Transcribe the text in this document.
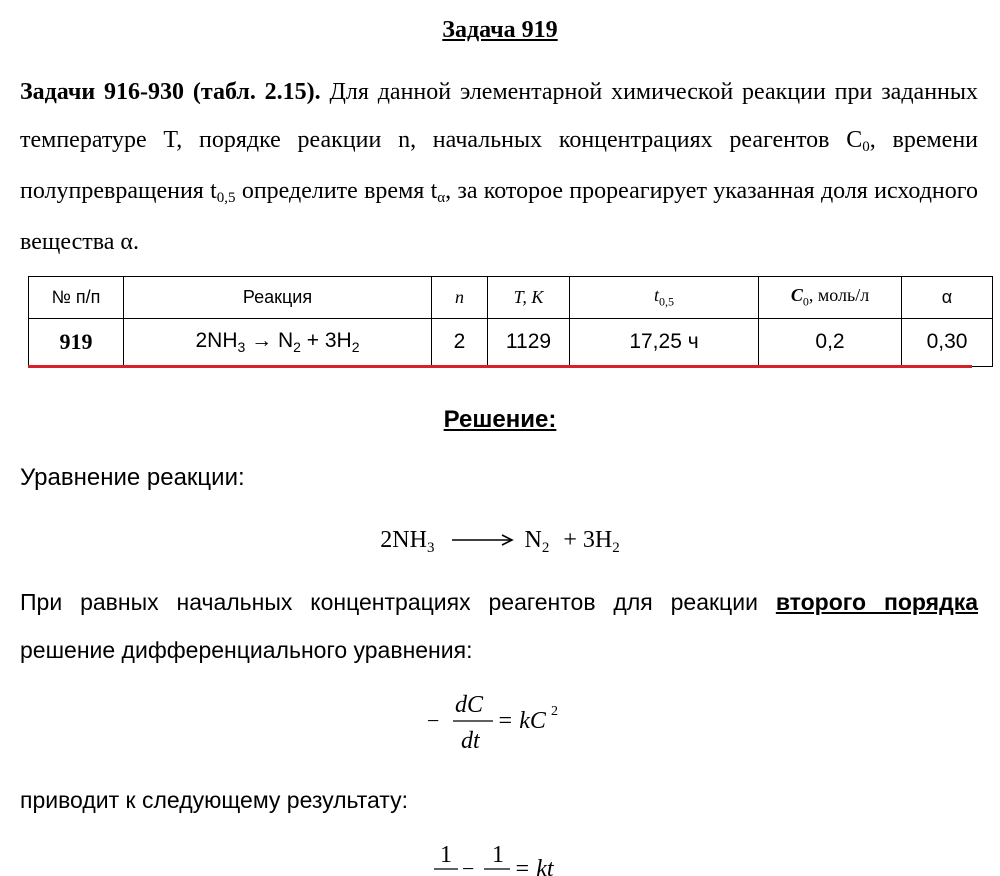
Задача 919
Задачи 916-930 (табл. 2.15). Для данной элементарной химической реакции при заданных температуре T, порядке реакции n, начальных концентрациях реагентов $C_0$, времени полупревращения $t_{0,5}$ определите время $t_\alpha$, за которое прореагирует указанная доля исходного вещества α.
№ п/п	Реакция	n	T, K	$t_{0,5}$	$C_0$, моль/л	α
919	$2NH_3 \to N_2 + 3H_2$	2	1129	17,25 ч	0,2	0,30
Решение:
Уравнение реакции:
$2NH_3 \to N_2 + 3H_2$
При равных начальных концентрациях реагентов для реакции второго порядка
решение дифференциального уравнения:
−
dC
dt
= kC 2
приводит к следующему результату:
1
−
1
= kt
